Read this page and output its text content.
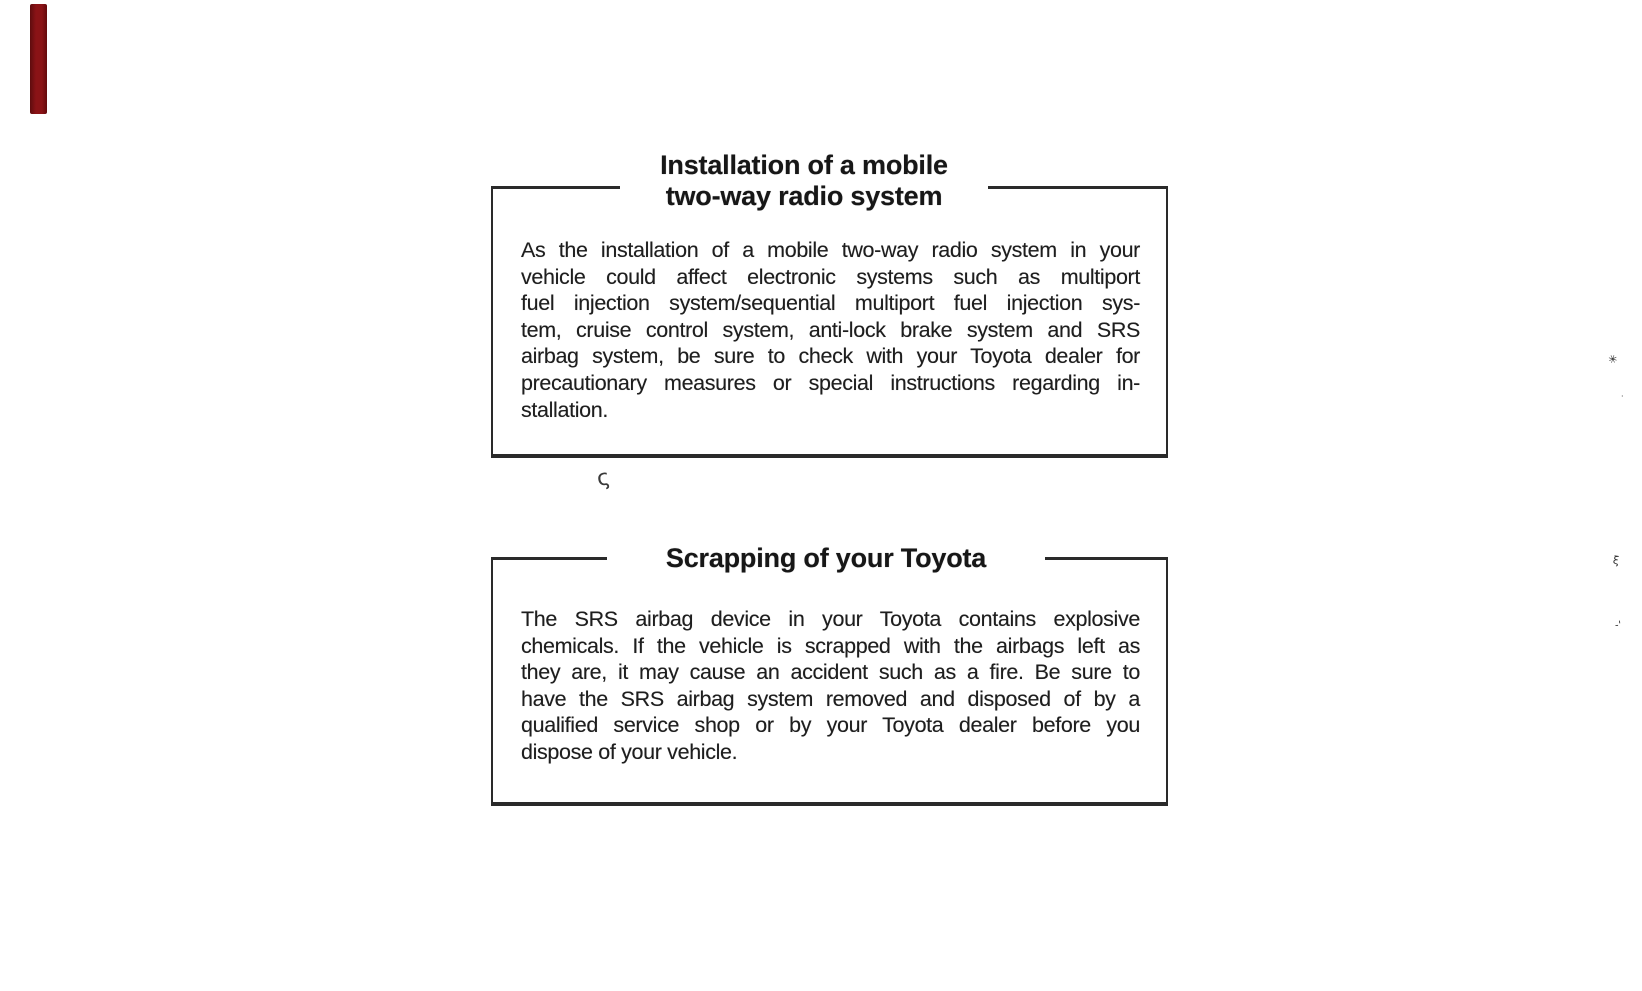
Installation of a mobile
two-way radio system
As the installation of a mobile two-way radio system in your
vehicle could affect electronic systems such as multiport
fuel injection system/sequential multiport fuel injection sys-
tem, cruise control system, anti-lock brake system and SRS
airbag system, be sure to check with your Toyota dealer for
precautionary measures or special instructions regarding in-
stallation.
ς
Scrapping of your Toyota
The SRS airbag device in your Toyota contains explosive
chemicals. If the vehicle is scrapped with the airbags left as
they are, it may cause an accident such as a fire. Be sure to
have the SRS airbag system removed and disposed of by a
qualified service shop or by your Toyota dealer before you
dispose of your vehicle.
✳
·
ξ
-'
